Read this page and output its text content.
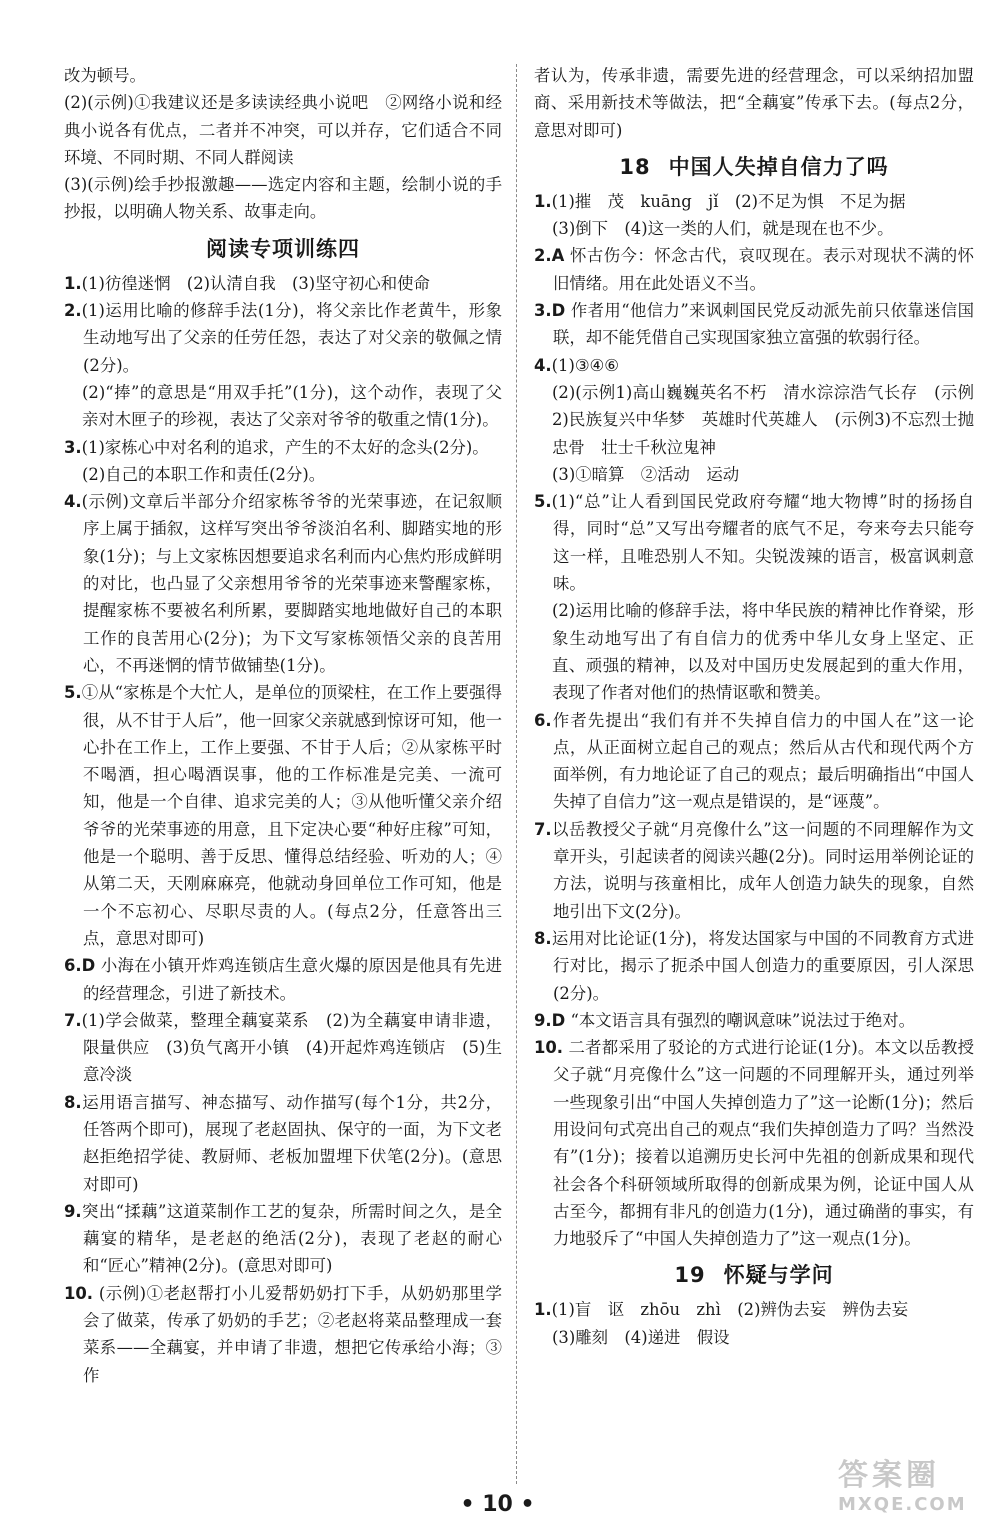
改为顿号。

(2)(示例)①我建议还是多读读经典小说吧　②网络小说和经典小说各有优点，二者并不冲突，可以并存，它们适合不同环境、不同时期、不同人群阅读

(3)(示例)绘手抄报激趣——选定内容和主题，绘制小说的手抄报，以明确人物关系、故事走向。

阅读专项训练四

1.(1)彷徨迷惘　(2)认清自我　(3)坚守初心和使命

2.(1)运用比喻的修辞手法(1分)，将父亲比作老黄牛，形象生动地写出了父亲的任劳任怨，表达了对父亲的敬佩之情(2分)。

(2)“捧”的意思是“用双手托”(1分)，这个动作，表现了父亲对木匣子的珍视，表达了父亲对爷爷的敬重之情(1分)。

3.(1)家栋心中对名利的追求，产生的不太好的念头(2分)。

(2)自己的本职工作和责任(2分)。

4.(示例)文章后半部分介绍家栋爷爷的光荣事迹，在记叙顺序上属于插叙，这样写突出爷爷淡泊名利、脚踏实地的形象(1分)；与上文家栋因想要追求名利而内心焦灼形成鲜明的对比，也凸显了父亲想用爷爷的光荣事迹来警醒家栋，提醒家栋不要被名利所累，要脚踏实地地做好自己的本职工作的良苦用心(2分)；为下文写家栋领悟父亲的良苦用心，不再迷惘的情节做铺垫(1分)。

5.①从“家栋是个大忙人，是单位的顶梁柱，在工作上要强得很，从不甘于人后”，他一回家父亲就感到惊讶可知，他一心扑在工作上，工作上要强、不甘于人后；②从家栋平时不喝酒，担心喝酒误事，他的工作标准是完美、一流可知，他是一个自律、追求完美的人；③从他听懂父亲介绍爷爷的光荣事迹的用意，且下定决心要“种好庄稼”可知，他是一个聪明、善于反思、懂得总结经验、听劝的人；④从第二天，天刚麻麻亮，他就动身回单位工作可知，他是一个不忘初心、尽职尽责的人。(每点2分，任意答出三点，意思对即可)

6.D 小海在小镇开炸鸡连锁店生意火爆的原因是他具有先进的经营理念，引进了新技术。

7.(1)学会做菜，整理全藕宴菜系　(2)为全藕宴申请非遗，限量供应　(3)负气离开小镇　(4)开起炸鸡连锁店　(5)生意冷淡

8.运用语言描写、神态描写、动作描写(每个1分，共2分，任答两个即可)，展现了老赵固执、保守的一面，为下文老赵拒绝招学徒、教厨师、老板加盟埋下伏笔(2分)。(意思对即可)

9.突出“揉藕”这道菜制作工艺的复杂，所需时间之久，是全藕宴的精华，是老赵的绝活(2分)，表现了老赵的耐心和“匠心”精神(2分)。(意思对即可)

10. (示例)①老赵帮打小儿爱帮奶奶打下手，从奶奶那里学会了做菜，传承了奶奶的手艺；②老赵将菜品整理成一套菜系——全藕宴，并申请了非遗，想把它传承给小海；③作

者认为，传承非遗，需要先进的经营理念，可以采纳招加盟商、采用新技术等做法，把“全藕宴”传承下去。(每点2分，意思对即可)

18 中国人失掉自信力了吗

1.(1)摧　茂　kuāng　jǐ　(2)不足为惧　不足为据

(3)倒下　(4)这一类的人们，就是现在也不少。

2.A 怀古伤今：怀念古代，哀叹现在。表示对现状不满的怀旧情绪。用在此处语义不当。

3.D 作者用“他信力”来讽刺国民党反动派先前只依靠迷信国联，却不能凭借自己实现国家独立富强的软弱行径。

4.(1)③④⑥

(2)(示例1)高山巍巍英名不朽　清水淙淙浩气长存　(示例2)民族复兴中华梦　英雄时代英雄人　(示例3)不忘烈士抛忠骨　壮士千秋泣鬼神

(3)①暗算　②活动　运动

5.(1)“总”让人看到国民党政府夸耀“地大物博”时的扬扬自得，同时“总”又写出夸耀者的底气不足，夸来夸去只能夸这一样，且唯恐别人不知。尖锐泼辣的语言，极富讽刺意味。

(2)运用比喻的修辞手法，将中华民族的精神比作脊梁，形象生动地写出了有自信力的优秀中华儿女身上坚定、正直、顽强的精神，以及对中国历史发展起到的重大作用，表现了作者对他们的热情讴歌和赞美。

6.作者先提出“我们有并不失掉自信力的中国人在”这一论点，从正面树立起自己的观点；然后从古代和现代两个方面举例，有力地论证了自己的观点；最后明确指出“中国人失掉了自信力”这一观点是错误的，是“诬蔑”。

7.以岳教授父子就“月亮像什么”这一问题的不同理解作为文章开头，引起读者的阅读兴趣(2分)。同时运用举例论证的方法，说明与孩童相比，成年人创造力缺失的现象，自然地引出下文(2分)。

8.运用对比论证(1分)，将发达国家与中国的不同教育方式进行对比，揭示了扼杀中国人创造力的重要原因，引人深思(2分)。

9.D “本文语言具有强烈的嘲讽意味”说法过于绝对。

10. 二者都采用了驳论的方式进行论证(1分)。本文以岳教授父子就“月亮像什么”这一问题的不同理解开头，通过列举一些现象引出“中国人失掉创造力了”这一论断(1分)；然后用设问句式亮出自己的观点“我们失掉创造力了吗？当然没有”(1分)；接着以追溯历史长河中先祖的创新成果和现代社会各个科研领域所取得的创新成果为例，论证中国人从古至今，都拥有非凡的创造力(1分)，通过确凿的事实，有力地驳斥了“中国人失掉创造力了”这一观点(1分)。

19 怀疑与学问

1.(1)盲　讴　zhōu　zhì　(2)辨伪去妄　辨伪去妄

(3)雕刻　(4)递进　假设

• 10 •
答案圈
MXQE.COM
